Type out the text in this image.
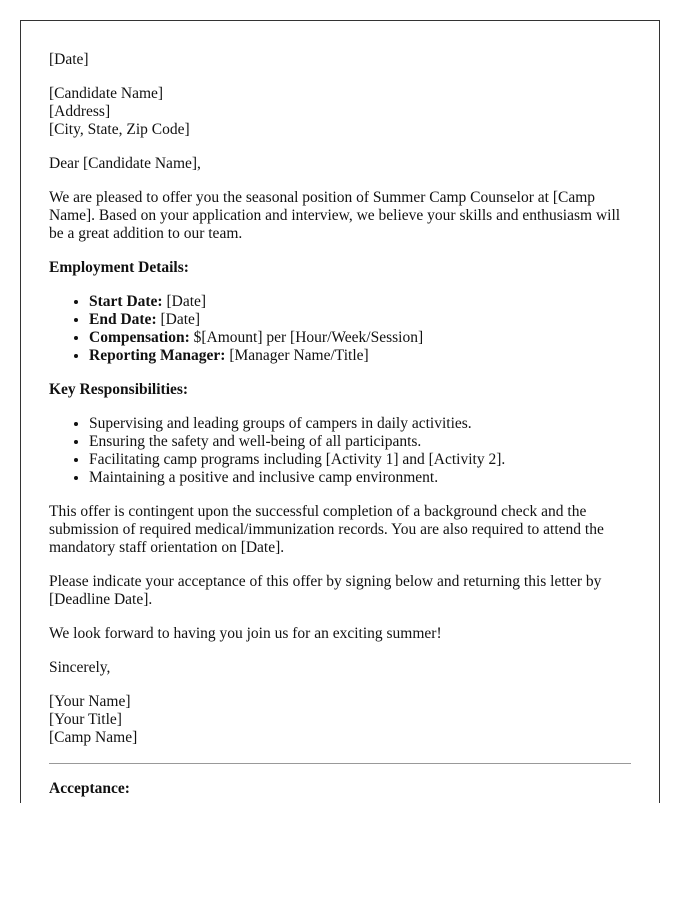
[Date]

[Candidate Name]

[Address]

[City, State, Zip Code]

Dear [Candidate Name],

We are pleased to offer you the seasonal position of Summer Camp Counselor at [Camp Name]. Based on your application and interview, we believe your skills and enthusiasm will be a great addition to our team.

Employment Details:

• Start Date: [Date]
• End Date: [Date]
• Compensation: $[Amount] per [Hour/Week/Session]
• Reporting Manager: [Manager Name/Title]

Key Responsibilities:

• Supervising and leading groups of campers in daily activities.
• Ensuring the safety and well-being of all participants.
• Facilitating camp programs including [Activity 1] and [Activity 2].
• Maintaining a positive and inclusive camp environment.

This offer is contingent upon the successful completion of a background check and the submission of required medical/immunization records. You are also required to attend the mandatory staff orientation on [Date].

Please indicate your acceptance of this offer by signing below and returning this letter by [Deadline Date].

We look forward to having you join us for an exciting summer!

Sincerely,

[Your Name]

[Your Title]

[Camp Name]

Acceptance:
